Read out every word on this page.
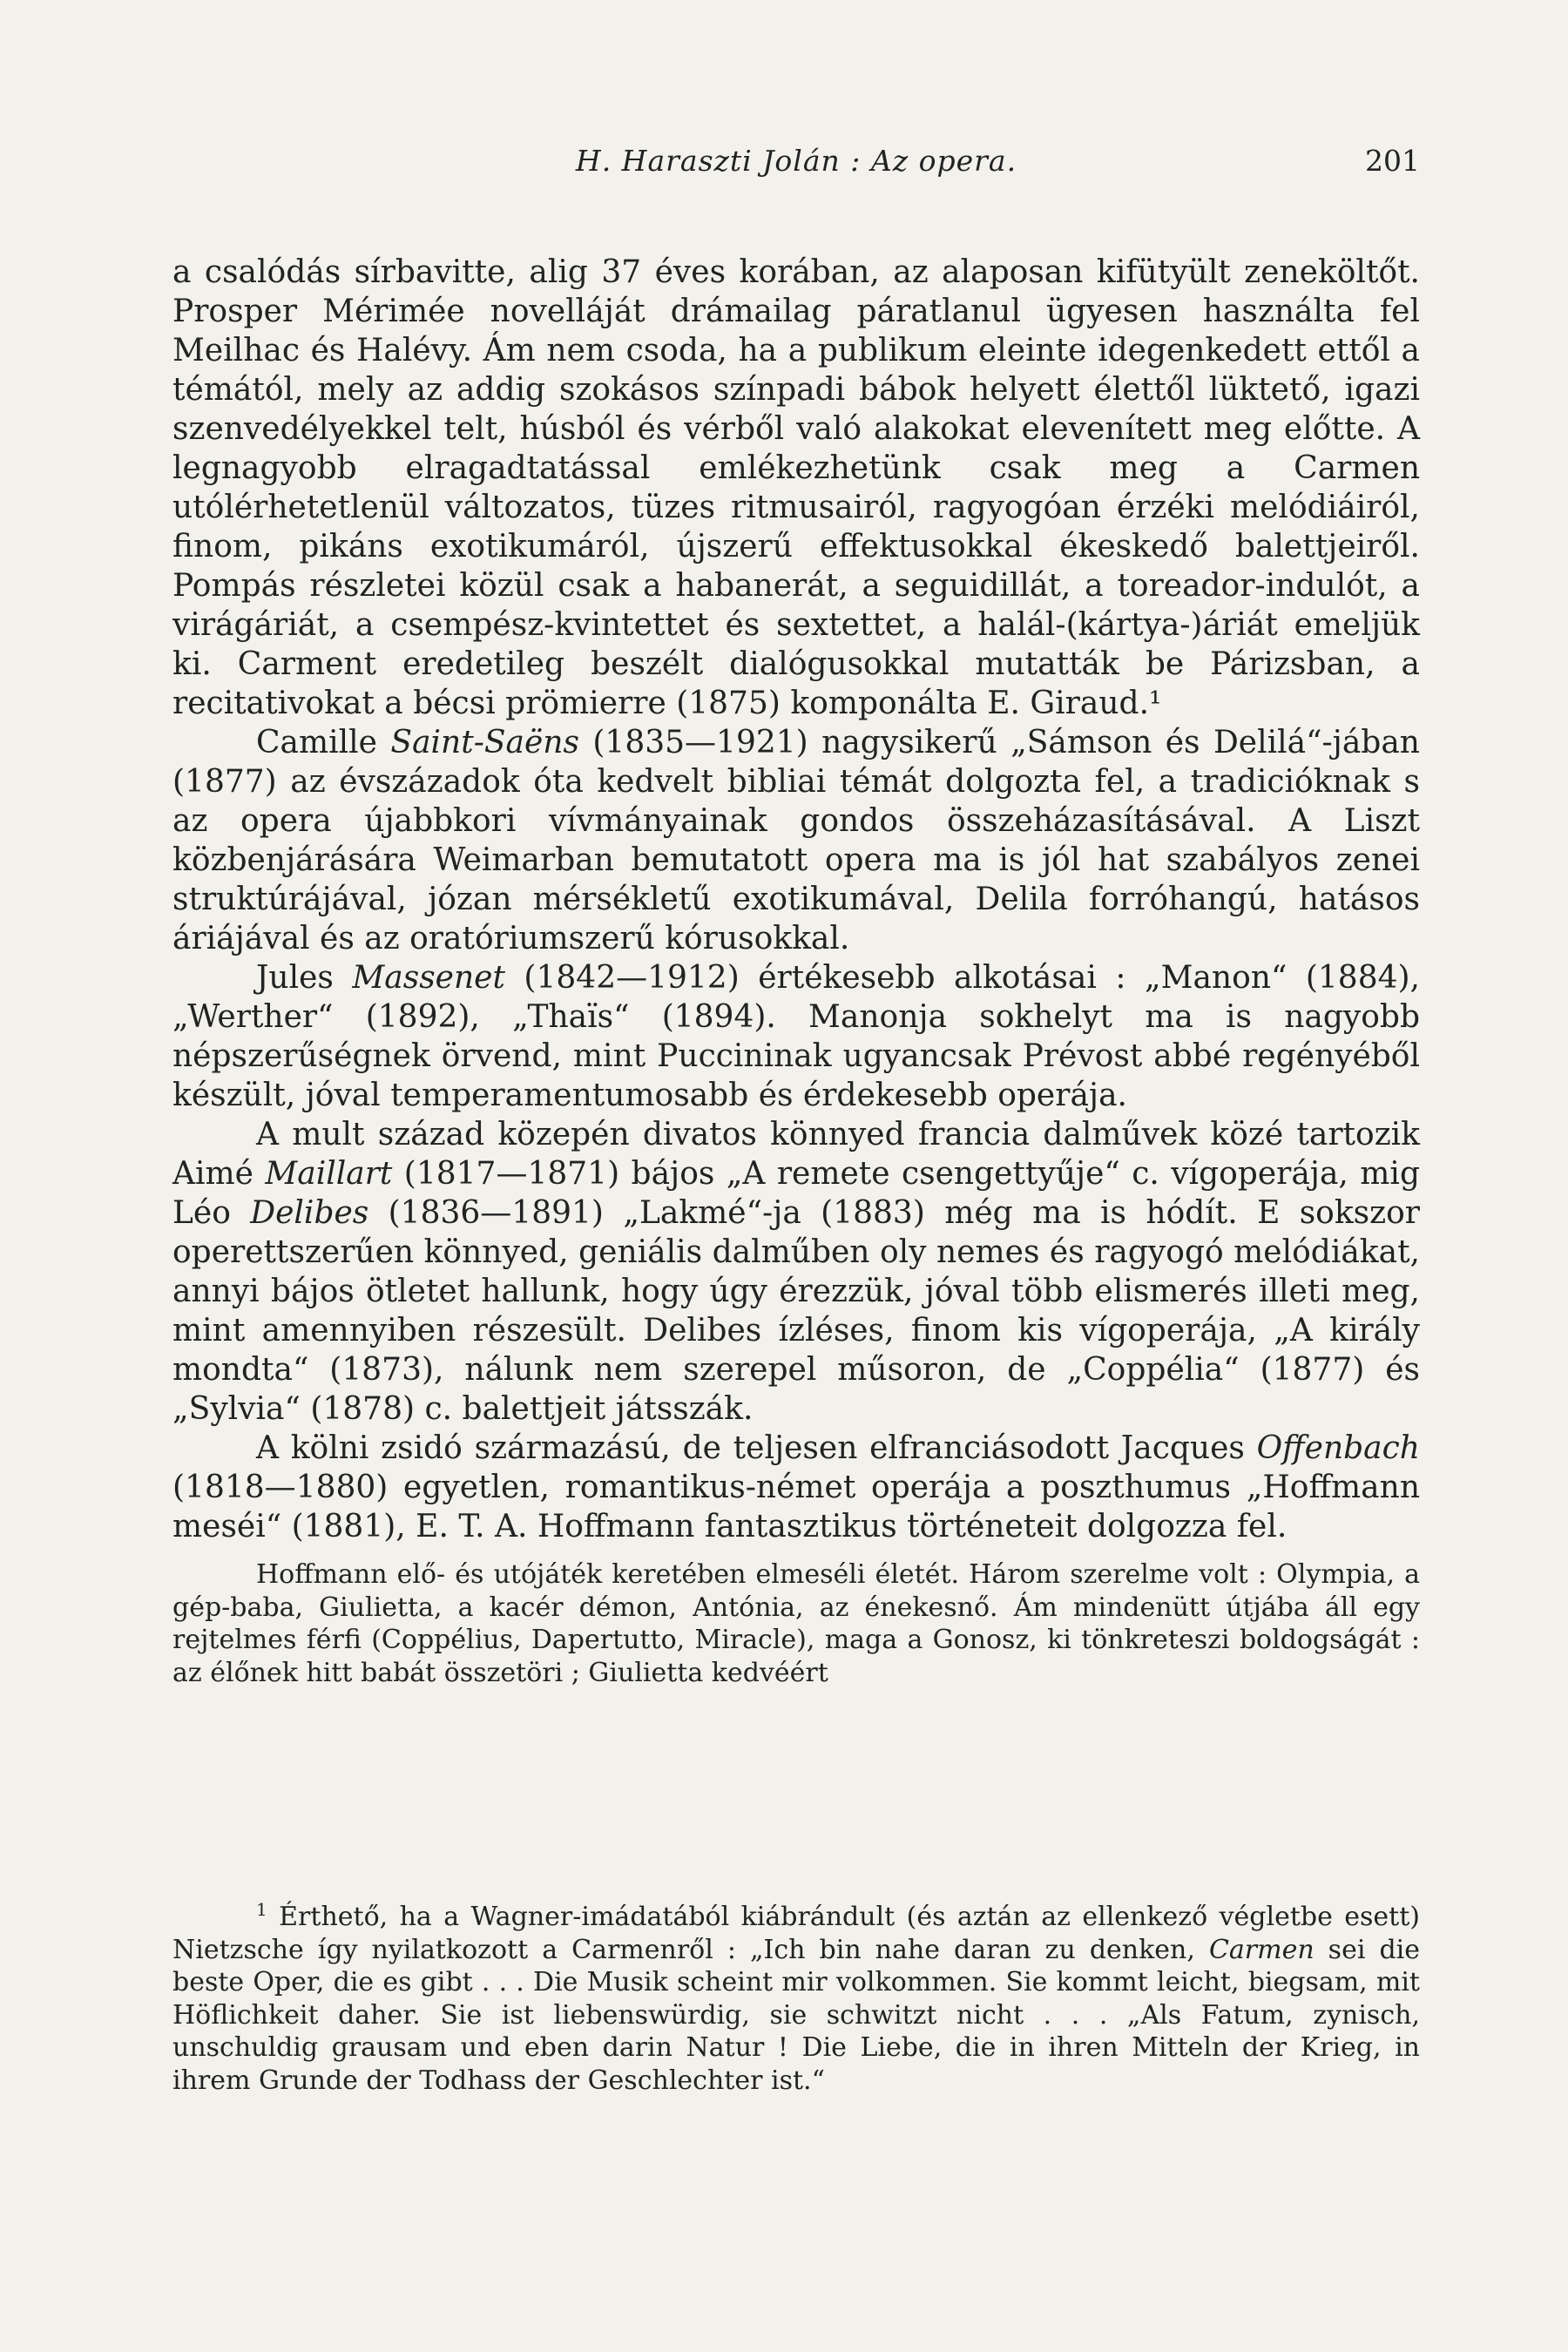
H. Haraszti Jolán : Az opera.	201

a csalódás sírbavitte, alig 37 éves korában, az alaposan kifütyült zeneköltőt. Prosper Mérimée novelláját drámailag páratlanul ügyesen használta fel Meilhac és Halévy. Ám nem csoda, ha a publikum eleinte idegenkedett ettől a témától, mely az addig szokásos színpadi bábok helyett élettől lüktető, igazi szenvedélyekkel telt, húsból és vérből való alakokat elevenített meg előtte. A legnagyobb elragadtatással emlékezhetünk csak meg a Carmen utólérhetetlenül változatos, tüzes ritmusairól, ragyogóan érzéki melódiáiról, finom, pikáns exotikumáról, újszerű effektusokkal ékeskedő balettjeiről. Pompás részletei közül csak a habanerát, a seguidillát, a toreador-indulót, a virágáriát, a csempész-kvintettet és sextettet, a halál-(kártya-)áriát emeljük ki. Carment eredetileg beszélt dialógusokkal mutatták be Párizsban, a recitativokat a bécsi prömierre (1875) komponálta E. Giraud.¹

Camille Saint-Saëns (1835—1921) nagysikerű „Sámson és Delilá“-jában (1877) az évszázadok óta kedvelt bibliai témát dolgozta fel, a tradicióknak s az opera újabbkori vívmányainak gondos összeházasításával. A Liszt közbenjárására Weimarban bemutatott opera ma is jól hat szabályos zenei struktúrájával, józan mérsékletű exotikumával, Delila forróhangú, hatásos áriájával és az oratóriumszerű kórusokkal.

Jules Massenet (1842—1912) értékesebb alkotásai : „Manon“ (1884), „Werther“ (1892), „Thaïs“ (1894). Manonja sokhelyt ma is nagyobb népszerűségnek örvend, mint Puccininak ugyancsak Prévost abbé regényéből készült, jóval temperamentumosabb és érdekesebb operája.

A mult század közepén divatos könnyed francia dalművek közé tartozik Aimé Maillart (1817—1871) bájos „A remete csengettyűje“ c. vígoperája, mig Léo Delibes (1836—1891) „Lakmé“-ja (1883) még ma is hódít. E sokszor operettszerűen könnyed, geniális dalműben oly nemes és ragyogó melódiákat, annyi bájos ötletet hallunk, hogy úgy érezzük, jóval több elismerés illeti meg, mint amennyiben részesült. Delibes ízléses, finom kis vígoperája, „A király mondta“ (1873), nálunk nem szerepel műsoron, de „Coppélia“ (1877) és „Sylvia“ (1878) c. balettjeit játsszák.

A kölni zsidó származású, de teljesen elfranciásodott Jacques Offenbach (1818—1880) egyetlen, romantikus-német operája a poszthumus „Hoffmann meséi“ (1881), E. T. A. Hoffmann fantasztikus történeteit dolgozza fel.

Hoffmann elő- és utójáték keretében elmeséli életét. Három szerelme volt : Olympia, a gép-baba, Giulietta, a kacér démon, Antónia, az énekesnő. Ám mindenütt útjába áll egy rejtelmes férfi (Coppélius, Dapertutto, Miracle), maga a Gonosz, ki tönkreteszi boldogságát : az élőnek hitt babát összetöri ; Giulietta kedvéért

$^1$ Érthető, ha a Wagner-imádatából kiábrándult (és aztán az ellenkező végletbe esett) Nietzsche így nyilatkozott a Carmenről : „Ich bin nahe daran zu denken, Carmen sei die beste Oper, die es gibt . . . Die Musik scheint mir volkommen. Sie kommt leicht, biegsam, mit Höflichkeit daher. Sie ist liebenswürdig, sie schwitzt nicht . . . „Als Fatum, zynisch, unschuldig grausam und eben darin Natur ! Die Liebe, die in ihren Mitteln der Krieg, in ihrem Grunde der Todhass der Geschlechter ist.“
